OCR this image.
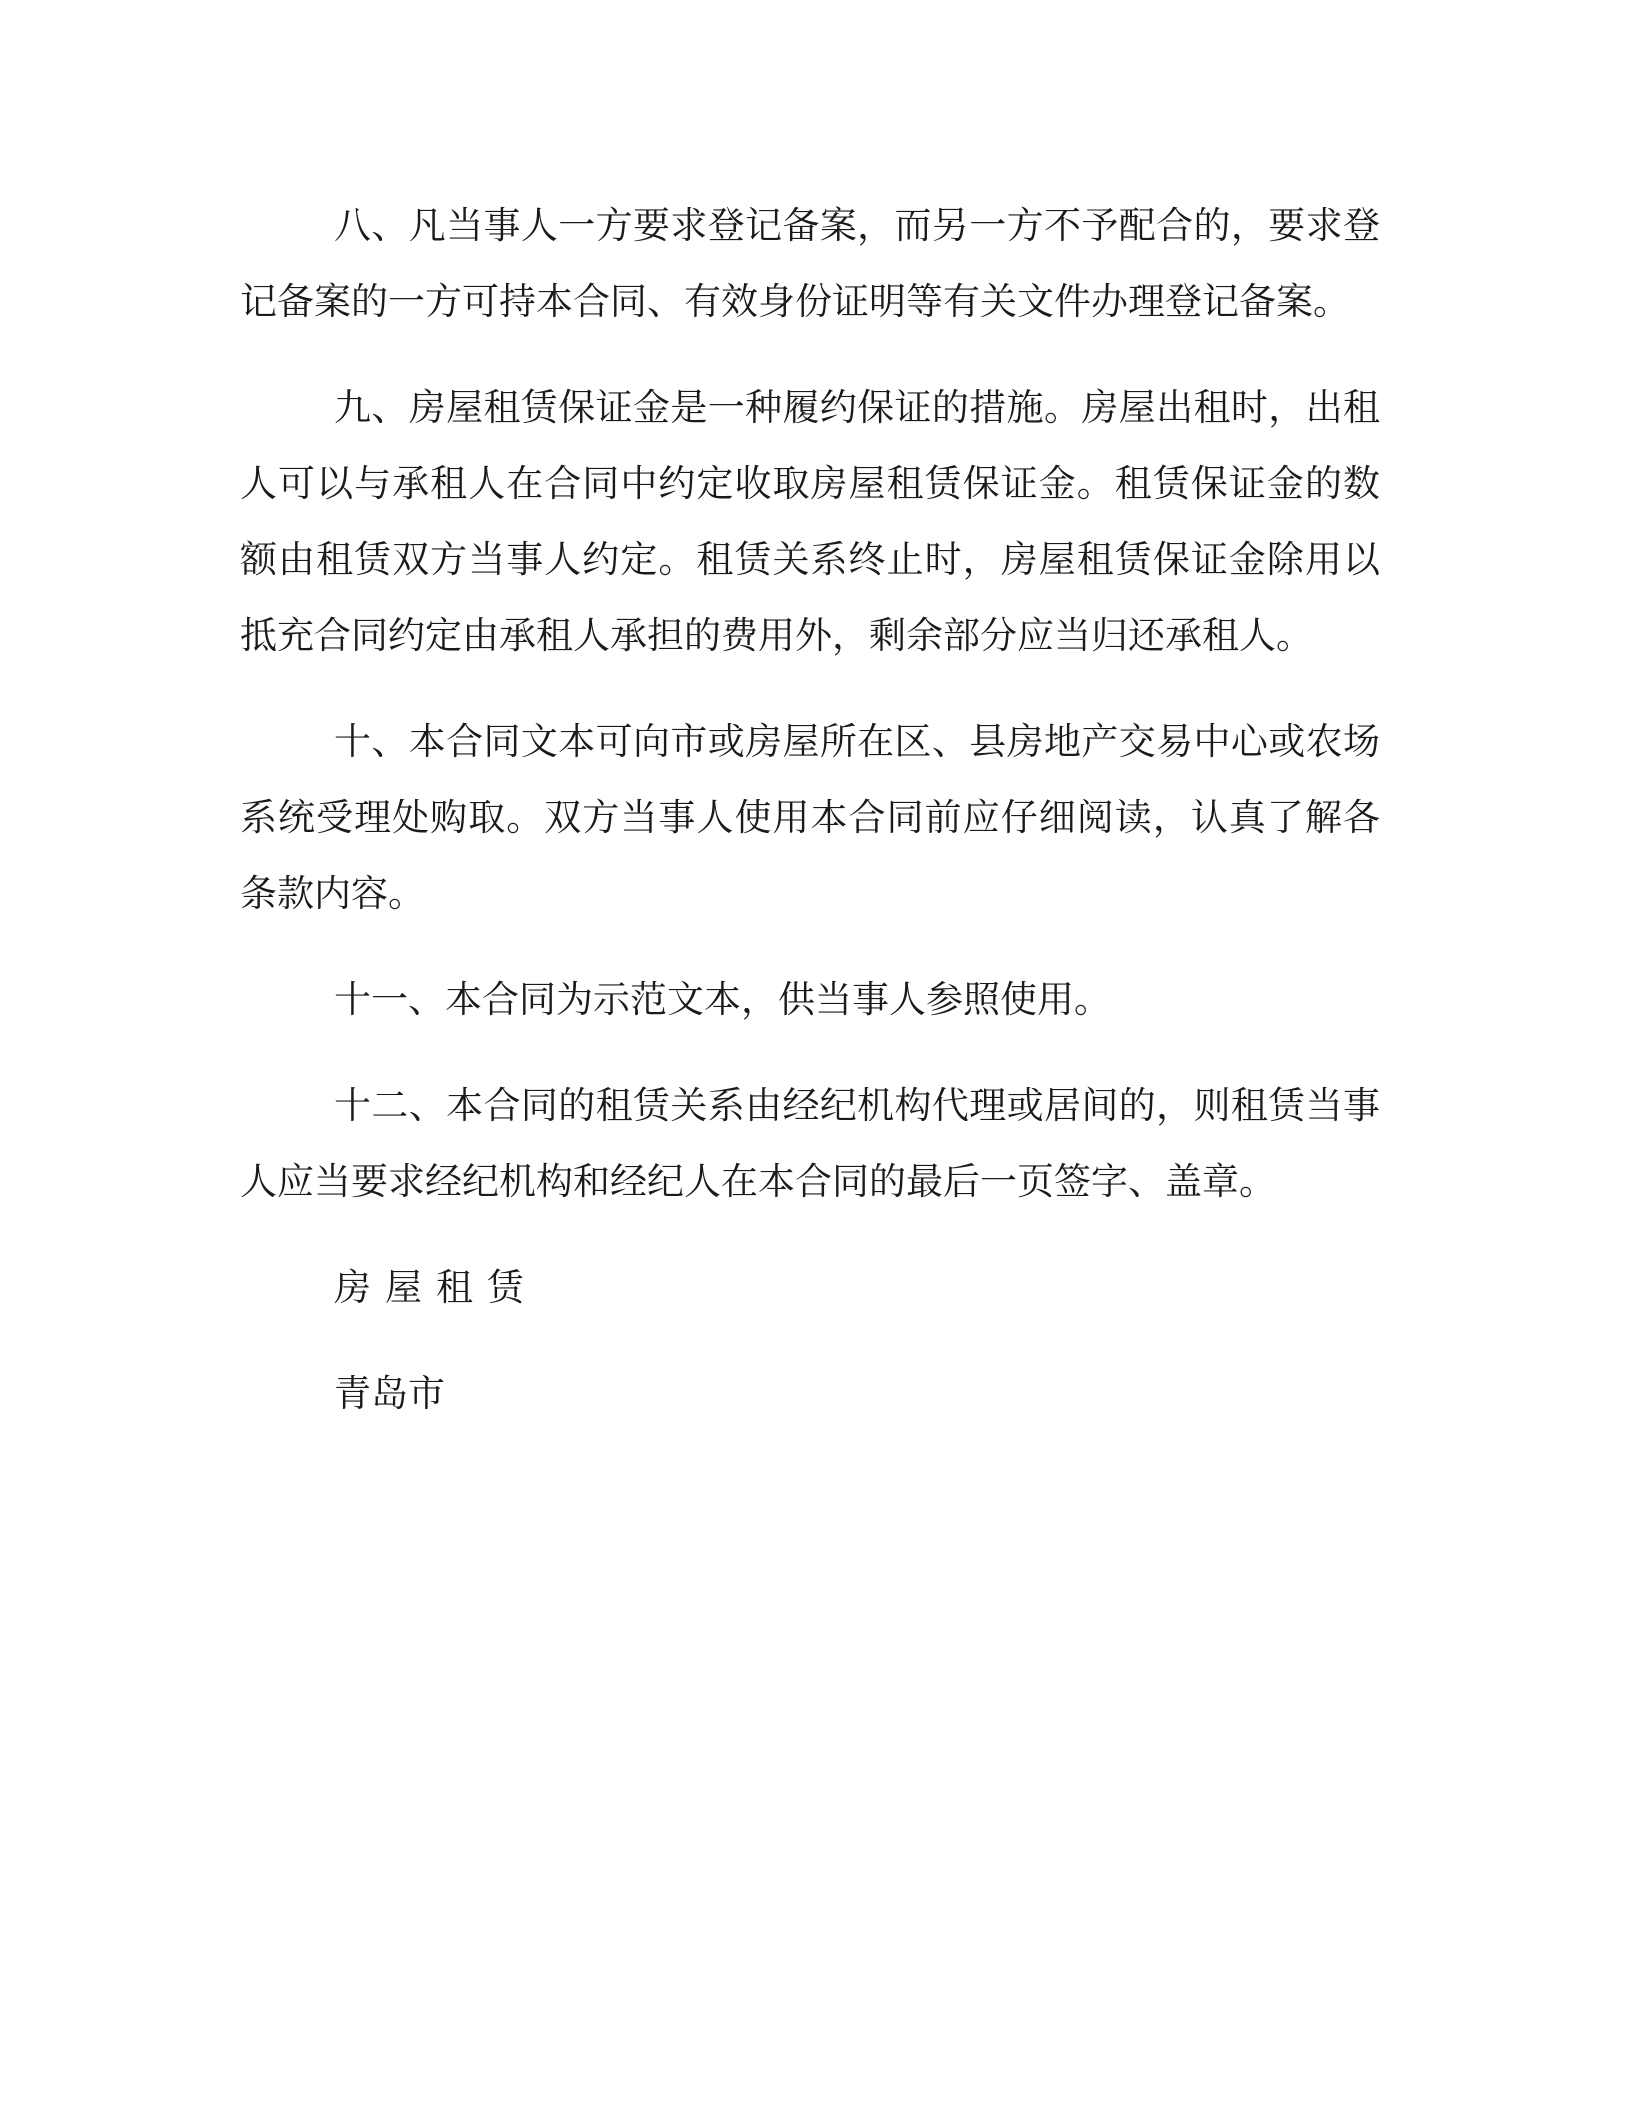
八、凡当事人一方要求登记备案，而另一方不予配合的，要求登记备案的一方可持本合同、有效身份证明等有关文件办理登记备案。

九、房屋租赁保证金是一种履约保证的措施。房屋出租时，出租人可以与承租人在合同中约定收取房屋租赁保证金。租赁保证金的数额由租赁双方当事人约定。租赁关系终止时，房屋租赁保证金除用以抵充合同约定由承租人承担的费用外，剩余部分应当归还承租人。

十、本合同文本可向市或房屋所在区、县房地产交易中心或农场系统受理处购取。双方当事人使用本合同前应仔细阅读，认真了解各条款内容。

十一、本合同为示范文本，供当事人参照使用。

十二、本合同的租赁关系由经纪机构代理或居间的，则租赁当事人应当要求经纪机构和经纪人在本合同的最后一页签字、盖章。

房屋租赁
青岛市
